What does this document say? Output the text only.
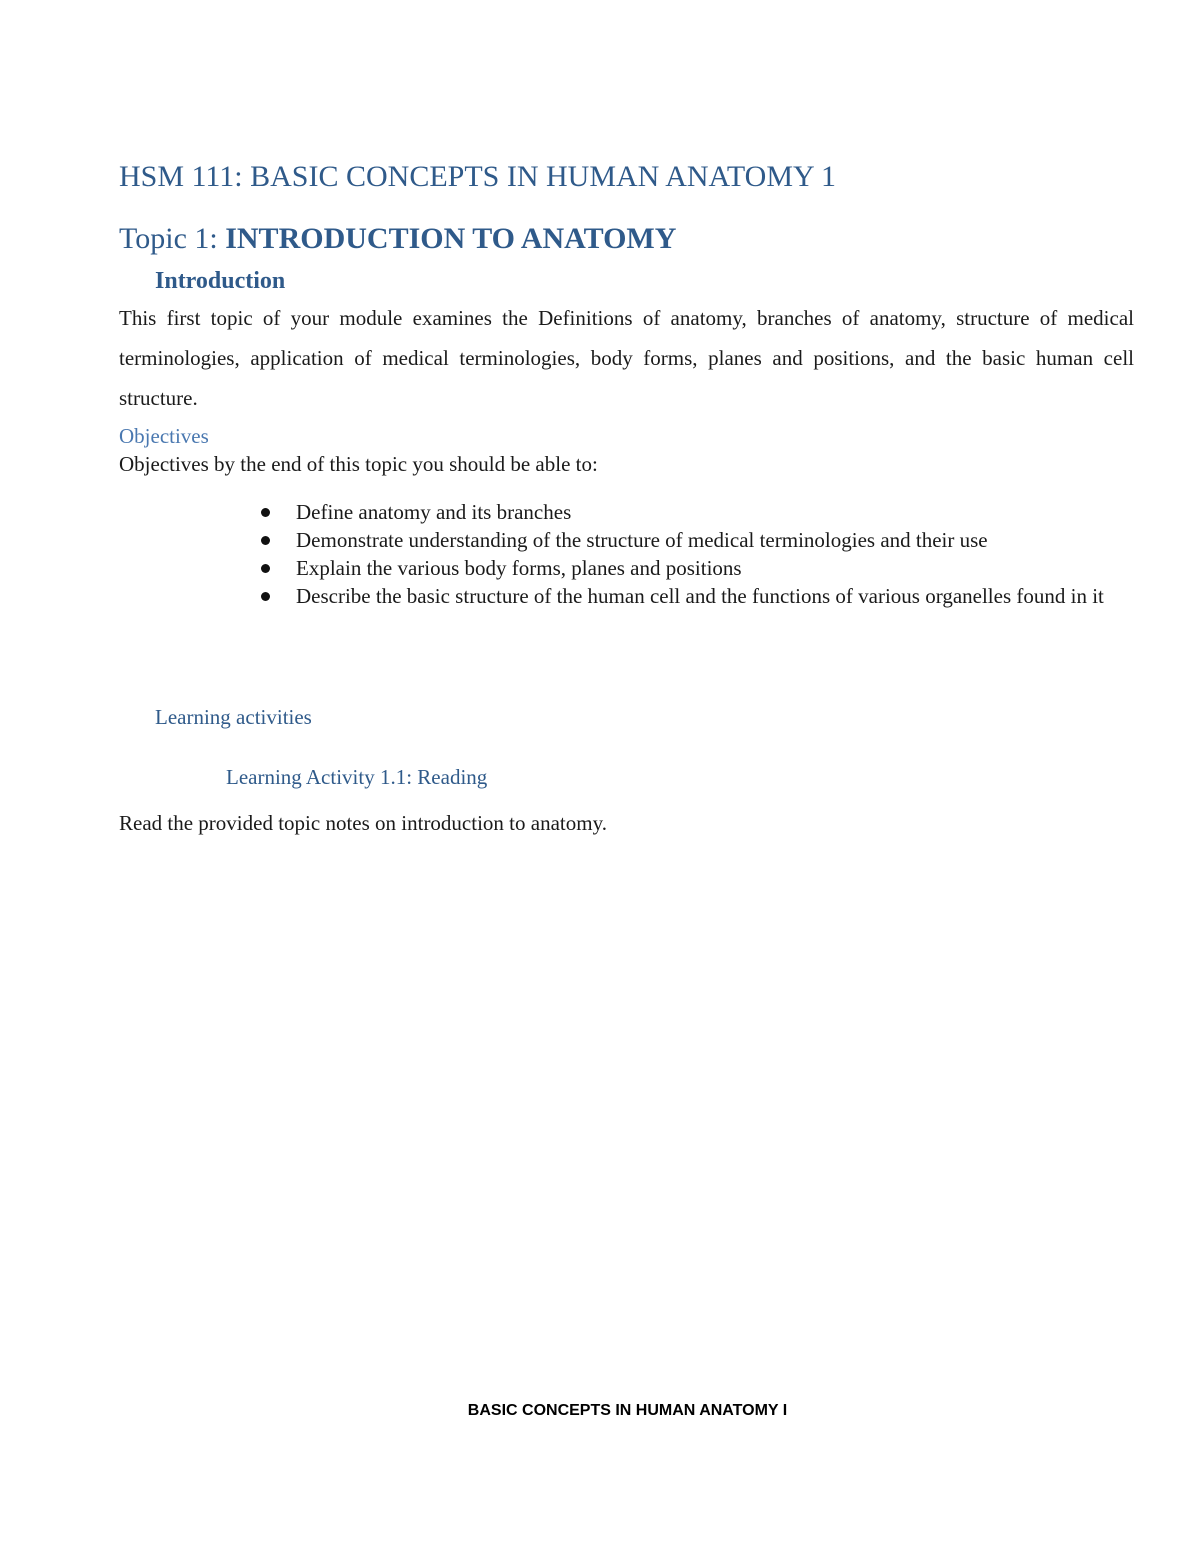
HSM 111: BASIC CONCEPTS IN HUMAN ANATOMY 1
Topic 1: INTRODUCTION TO ANATOMY
Introduction

This first topic of your module examines the Definitions of anatomy, branches of anatomy, structure of medical terminologies, application of medical terminologies, body forms, planes and positions, and the basic human cell structure.

Objectives

Objectives by the end of this topic you should be able to:

Define anatomy and its branches
Demonstrate understanding of the structure of medical terminologies and their use
Explain the various body forms, planes and positions
Describe the basic structure of the human cell and the functions of various organelles found in it
Learning activities
Learning Activity 1.1: Reading

Read the provided topic notes on introduction to anatomy.

BASIC CONCEPTS IN HUMAN ANATOMY I
